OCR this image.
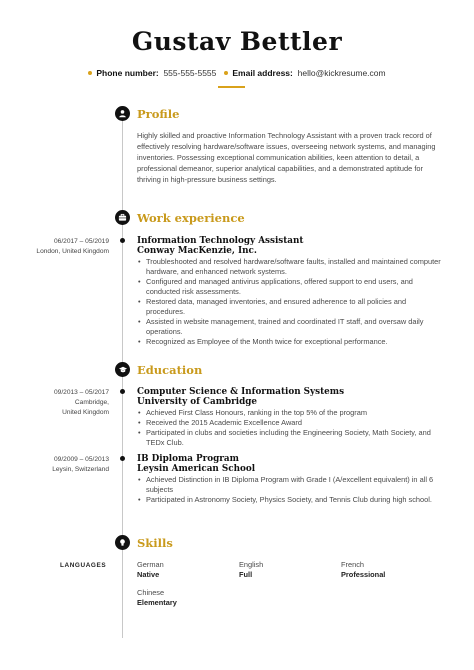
Gustav Bettler
Phone number: 555-555-5555 Email address: hello@kickresume.com
Profile
Highly skilled and proactive Information Technology Assistant with a proven track record of effectively resolving hardware/software issues, overseeing network systems, and managing inventories. Possessing exceptional communication abilities, keen attention to detail, a professional demeanor, superior analytical capabilities, and a demonstrated aptitude for thriving in high-pressure business settings.
Work experience
06/2017 – 05/2019
London, United Kingdom
Information Technology Assistant
Conway MacKenzie, Inc.
• Troubleshooted and resolved hardware/software faults, installed and maintained computer hardware, and enhanced network systems.
• Configured and managed antivirus applications, offered support to end users, and conducted risk assessments.
• Restored data, managed inventories, and ensured adherence to all policies and procedures.
• Assisted in website management, trained and coordinated IT staff, and oversaw daily operations.
• Recognized as Employee of the Month twice for exceptional performance.
Education
09/2013 – 05/2017
Cambridge,
United Kingdom
Computer Science & Information Systems
University of Cambridge
• Achieved First Class Honours, ranking in the top 5% of the program
• Received the 2015 Academic Excellence Award
• Participated in clubs and societies including the Engineering Society, Math Society, and TEDx Club.
09/2009 – 05/2013
Leysin, Switzerland
IB Diploma Program
Leysin American School
• Achieved Distinction in IB Diploma Program with Grade I (A/excellent equivalent) in all 6 subjects
• Participated in Astronomy Society, Physics Society, and Tennis Club during high school.
Skills
LANGUAGES	German
Native
English
Full
French
Professional
Chinese
Elementary
